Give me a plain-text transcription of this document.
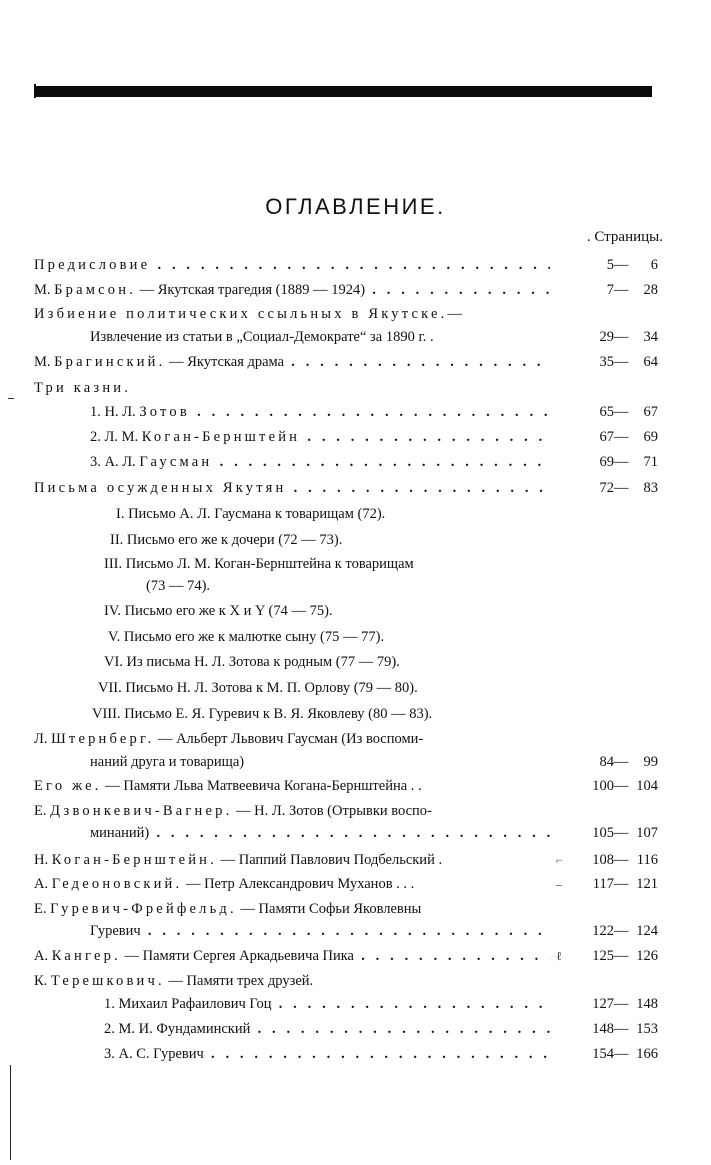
ОГЛАВЛЕНИЕ.
. Страницы.
Предисловие . . .	5— 6
М. Брамсон. — Якутская трагедия (1889 — 1924) . . .	7— 28
Избиение политических ссыльных в Якутске.—
Извлечение из статьи в „Социал-Демократе“ за 1890 г. .	29— 34
М. Брагинский. — Якутская драма . . .	35— 64
Три казни.
1. Н. Л. Зотов . . .	65— 67
2. Л. М. Коган-Бернштейн . . .	67— 69
3. А. Л. Гаусман . . .	69— 71
Письма осужденных Якутян . . .	72— 83
I. Письмо А. Л. Гаусмана к товарищам (72).
II. Письмо его же к дочери (72 — 73).
III. Письмо Л. М. Коган-Бернштейна к товарищам
(73 — 74).
IV. Письмо его же к X и Y (74 — 75).
V. Письмо его же к малютке сыну (75 — 77).
VI. Из письма Н. Л. Зотова к родным (77 — 79).
VII. Письмо Н. Л. Зотова к М. П. Орлову (79 — 80).
VIII. Письмо Е. Я. Гуревич к В. Я. Яковлеву (80 — 83).
Л. Штернберг. — Альберт Львович Гаусман (Из воспоми-
наний друга и товарища)	84— 99
Его же. — Памяти Льва Матвеевича Когана-Бернштейна . .	100— 104
Е. Дзвонкевич-Вагнер. — Н. Л. Зотов (Отрывки воспо-
минаний) . . .	105— 107
Н. Коган-Бернштейн. — Паппий Павлович Подбельский .	⌐	108— 116
А. Гедеоновский. — Петр Александрович Муханов . . .	–	117— 121
Е. Гуревич-Фрейфельд. — Памяти Софьи Яковлевны
Гуревич . . .	122— 124
А. Кангер. — Памяти Сергея Аркадьевича Пика . . .	ℓ	125— 126
К. Терешкович. — Памяти трех друзей.
1. Михаил Рафаилович Гоц . . .	127— 148
2. М. И. Фундаминский . . .	148— 153
3. А. С. Гуревич . . .	154— 166
